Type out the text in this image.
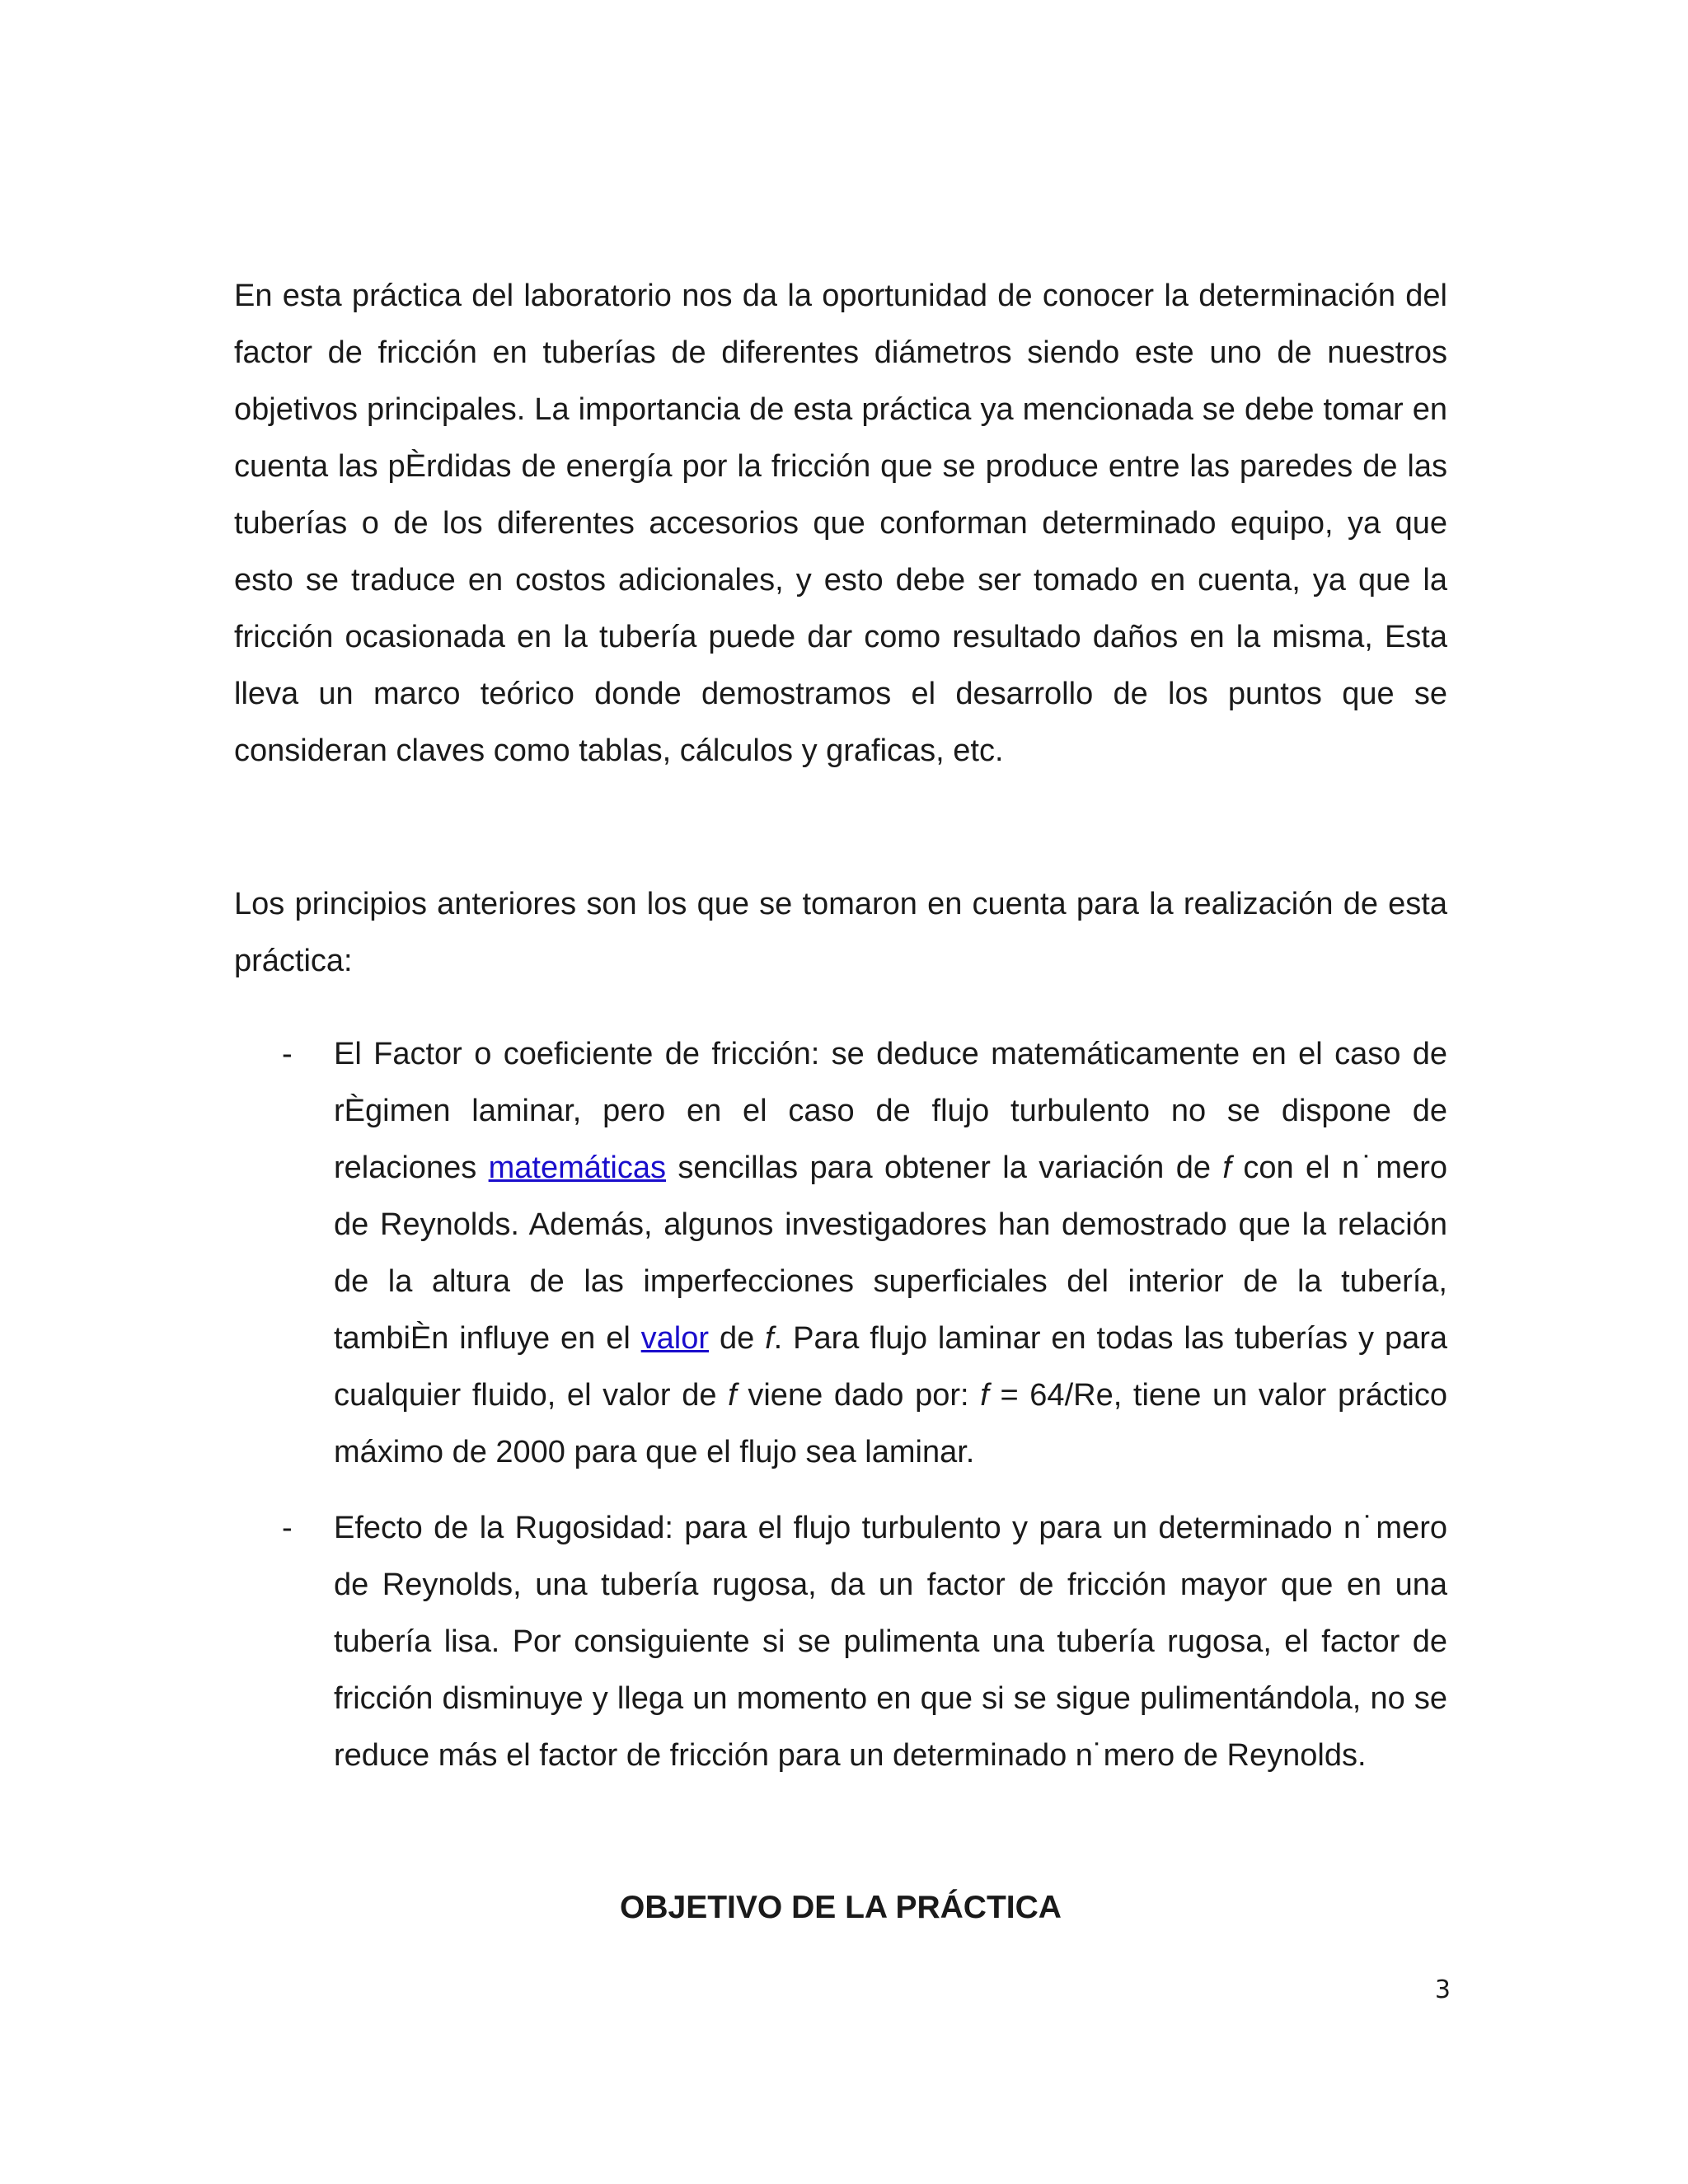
En esta práctica del laboratorio nos da la oportunidad de conocer la determinación del factor de fricción en tuberías de diferentes diámetros siendo este uno de nuestros objetivos principales. La importancia de esta práctica ya mencionada se debe tomar en cuenta las pÈrdidas de energía por la fricción que se produce entre las paredes de las tuberías o de los diferentes accesorios que conforman determinado equipo, ya que esto se traduce en costos adicionales, y esto debe ser tomado en cuenta, ya que la fricción ocasionada en la tubería puede dar como resultado daños en la misma, Esta lleva un marco teórico donde demostramos el desarrollo de los puntos que se consideran claves como tablas, cálculos y graficas, etc.

Los principios anteriores son los que se tomaron en cuenta para la realización de esta práctica:

- El Factor o coeficiente de fricción: se deduce matemáticamente en el caso de rÈgimen laminar, pero en el caso de flujo turbulento no se dispone de relaciones matemáticas sencillas para obtener la variación de f con el n˙mero de Reynolds. Además, algunos investigadores han demostrado que la relación de la altura de las imperfecciones superficiales del interior de la tubería, tambiÈn influye en el valor de f. Para flujo laminar en todas las tuberías y para cualquier fluido, el valor de f viene dado por: f = 64/Re, tiene un valor práctico máximo de 2000 para que el flujo sea laminar.
- Efecto de la Rugosidad: para el flujo turbulento y para un determinado n˙mero de Reynolds, una tubería rugosa, da un factor de fricción mayor que en una tubería lisa. Por consiguiente si se pulimenta una tubería rugosa, el factor de fricción disminuye y llega un momento en que si se sigue pulimentándola, no se reduce más el factor de fricción para un determinado n˙mero de Reynolds.
OBJETIVO DE LA PRÁCTICA
3
